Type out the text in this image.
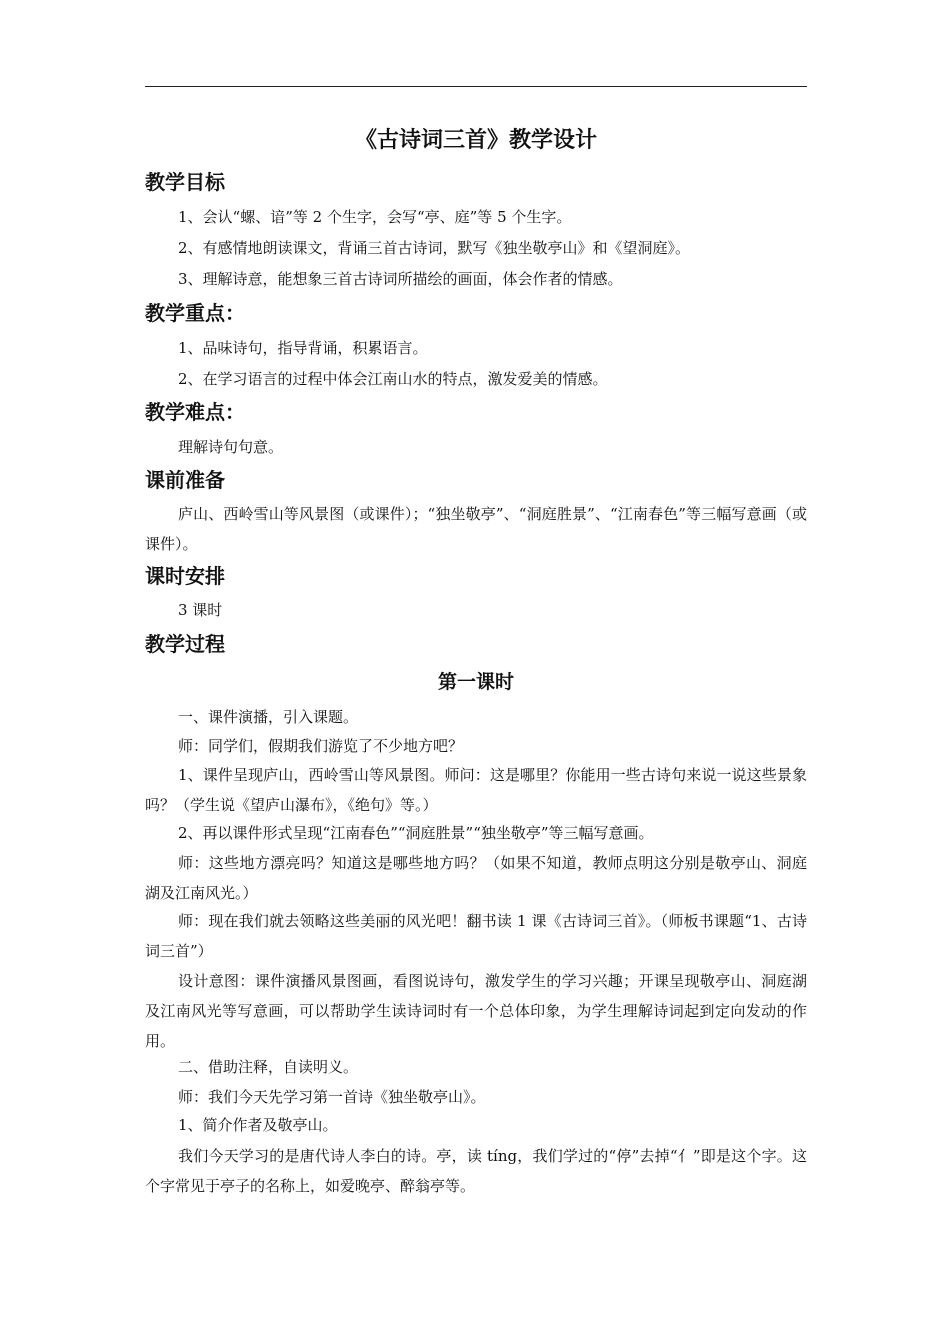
《古诗词三首》教学设计
教学目标
1、会认“螺、谙”等 2 个生字，会写“亭、庭”等 5 个生字。
2、有感情地朗读课文，背诵三首古诗词，默写《独坐敬亭山》和《望洞庭》。
3、理解诗意，能想象三首古诗词所描绘的画面，体会作者的情感。
教学重点：
1、品味诗句，指导背诵，积累语言。
2、在学习语言的过程中体会江南山水的特点，激发爱美的情感。
教学难点：
理解诗句句意。
课前准备
庐山、西岭雪山等风景图（或课件）；“独坐敬亭”、“洞庭胜景”、“江南春色”等三幅写意画（或课件）。
课时安排
3 课时
教学过程
第一课时
一、课件演播，引入课题。
师：同学们，假期我们游览了不少地方吧？
1、课件呈现庐山，西岭雪山等风景图。师问：这是哪里？你能用一些古诗句来说一说这些景象吗？（学生说《望庐山瀑布》，《绝句》等。）
2、再以课件形式呈现“江南春色”“洞庭胜景”“独坐敬亭”等三幅写意画。
师：这些地方漂亮吗？知道这是哪些地方吗？（如果不知道，教师点明这分别是敬亭山、洞庭湖及江南风光。）
师：现在我们就去领略这些美丽的风光吧！翻书读 1 课《古诗词三首》。（师板书课题“1、古诗词三首”）
设计意图：课件演播风景图画，看图说诗句，激发学生的学习兴趣；开课呈现敬亭山、洞庭湖及江南风光等写意画，可以帮助学生读诗词时有一个总体印象，为学生理解诗词起到定向发动的作用。
二、借助注释，自读明义。
师：我们今天先学习第一首诗《独坐敬亭山》。
1、简介作者及敬亭山。
我们今天学习的是唐代诗人李白的诗。亭，读 tíng，我们学过的“停”去掉“亻”即是这个字。这个字常见于亭子的名称上，如爱晚亭、醉翁亭等。
